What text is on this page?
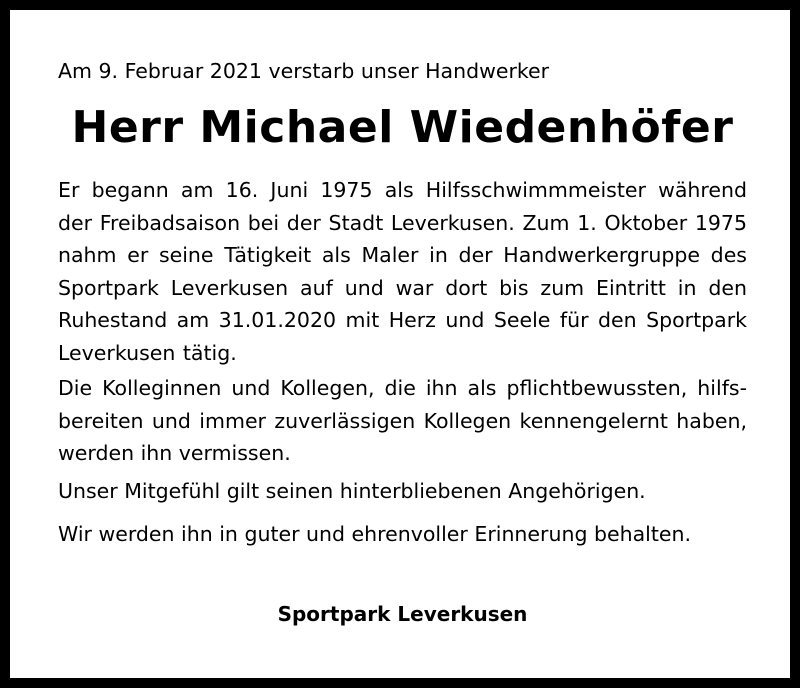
Am 9. Februar 2021 verstarb unser Handwerker

Herr Michael Wiedenhöfer

Er begann am 16. Juni 1975 als Hilfsschwimmmeister während der Freibadsaison bei der Stadt Leverkusen. Zum 1. Oktober 1975 nahm er seine Tätigkeit als Maler in der Handwerkergruppe des Sportpark Leverkusen auf und war dort bis zum Eintritt in den Ruhestand am 31.01.2020 mit Herz und Seele für den Sportpark Leverkusen tätig.

Die Kolleginnen und Kollegen, die ihn als pflichtbewussten, hilfsbereiten und immer zuverlässigen Kollegen kennengelernt haben, werden ihn vermissen.

Unser Mitgefühl gilt seinen hinterbliebenen Angehörigen.

Wir werden ihn in guter und ehrenvoller Erinnerung behalten.

Sportpark Leverkusen
